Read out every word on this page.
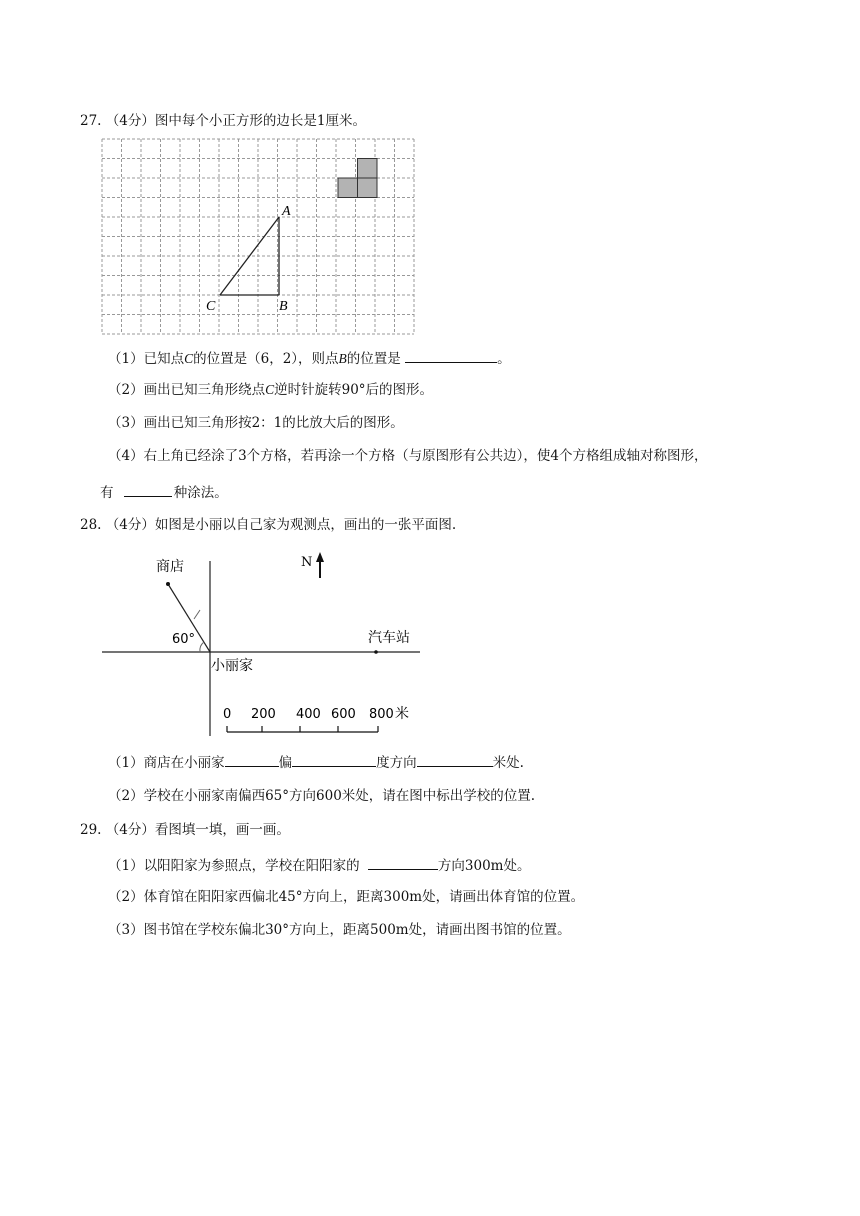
27. （4分）图中每个小正方形的边长是1厘米。
A
B
C
（1）已知点C的位置是（6，2），则点B的位置是	。
（2）画出已知三角形绕点C逆时针旋转90°后的图形。
（3）画出已知三角形按2：1的比放大后的图形。
（4）右上角已经涂了3个方格，若再涂一个方格（与原图形有公共边），使4个方格组成轴对称图形，
有	种涂法。
28. （4分）如图是小丽以自己家为观测点，画出的一张平面图.
N
商店
60°	汽车站
小丽家
0 200 400 600 800 米
（1）商店在小丽家	偏	度方向	米处.
（2）学校在小丽家南偏西65°方向600米处，请在图中标出学校的位置.
29. （4分）看图填一填，画一画。
（1）以阳阳家为参照点，学校在阳阳家的	方向300m处。
（2）体育馆在阳阳家西偏北45°方向上，距离300m处，请画出体育馆的位置。
（3）图书馆在学校东偏北30°方向上，距离500m处，请画出图书馆的位置。
